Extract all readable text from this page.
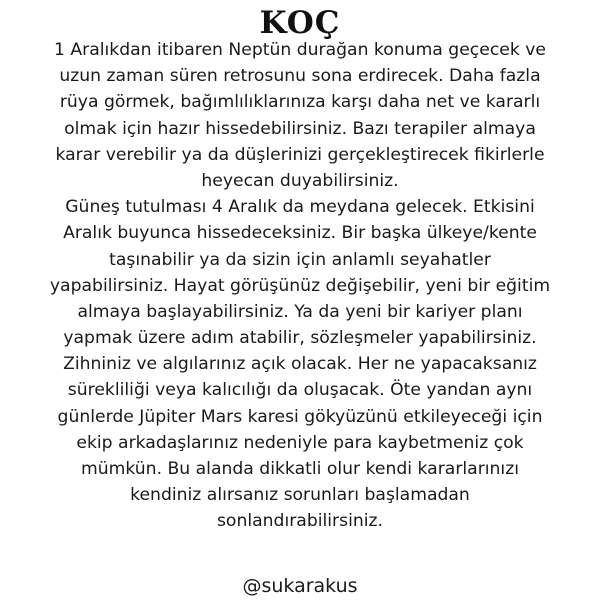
KOÇ
1 Aralıkdan itibaren Neptün durağan konuma geçecek ve
uzun zaman süren retrosunu sona erdirecek. Daha fazla
rüya görmek, bağımlılıklarınıza karşı daha net ve kararlı
olmak için hazır hissedebilirsiniz. Bazı terapiler almaya
karar verebilir ya da düşlerinizi gerçekleştirecek fikirlerle
heyecan duyabilirsiniz.
Güneş tutulması 4 Aralık da meydana gelecek. Etkisini
Aralık buyunca hissedeceksiniz. Bir başka ülkeye/kente
taşınabilir ya da sizin için anlamlı seyahatler
yapabilirsiniz. Hayat görüşünüz değişebilir, yeni bir eğitim
almaya başlayabilirsiniz. Ya da yeni bir kariyer planı
yapmak üzere adım atabilir, sözleşmeler yapabilirsiniz.
Zihniniz ve algılarınız açık olacak. Her ne yapacaksanız
sürekliliği veya kalıcılığı da oluşacak. Öte yandan aynı
günlerde Jüpiter Mars karesi gökyüzünü etkileyeceği için
ekip arkadaşlarınız nedeniyle para kaybetmeniz çok
mümkün. Bu alanda dikkatli olur kendi kararlarınızı
kendiniz alırsanız sorunları başlamadan
sonlandırabilirsiniz.
@sukarakus
